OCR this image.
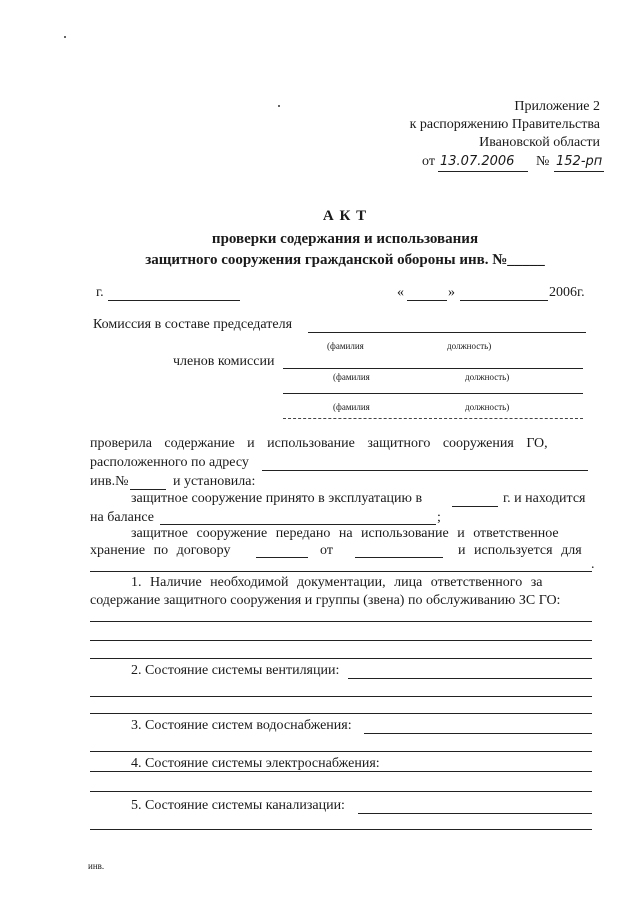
Приложение 2
к распоряжению Правительства
Ивановской области
от 13.07.2006 № 152-рп
А К Т
проверки содержания и использования
защитного сооружения гражданской обороны инв. №_____
г.	«	»	2006г.
Комиссия в составе председателя
(фамилия	должность)
членов комиссии
(фамилия	должность)
(фамилия	должность)
проверила содержание и использование защитного сооружения ГО,
расположенного по адресу
инв.№	и установила:
защитное сооружение принято в эксплуатацию в	г. и находится
на балансе	;
защитное сооружение передано на использование и ответственное
хранение по договору	от	и используется для
.
1. Наличие необходимой документации, лица ответственного за
содержание защитного сооружения и группы (звена) по обслуживанию ЗС ГО:
2. Состояние системы вентиляции:
3. Состояние систем водоснабжения:
4. Состояние системы электроснабжения:
5. Состояние системы канализации:
инв.
